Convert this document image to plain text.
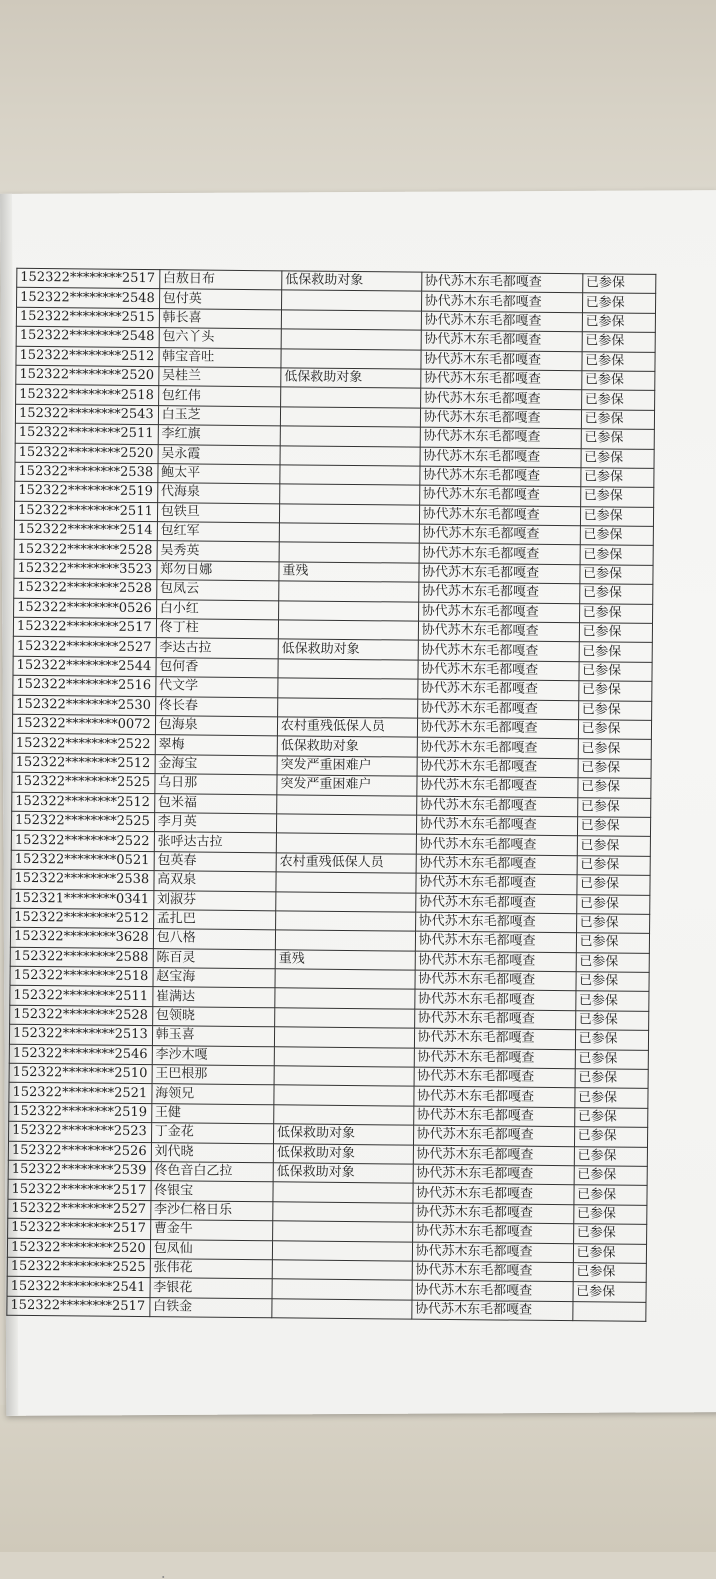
152322********2517	白敖日布	低保救助对象	协代苏木东毛都嘎查	已参保
152322********2548	包付英		协代苏木东毛都嘎查	已参保
152322********2515	韩长喜		协代苏木东毛都嘎查	已参保
152322********2548	包六丫头		协代苏木东毛都嘎查	已参保
152322********2512	韩宝音吐		协代苏木东毛都嘎查	已参保
152322********2520	吴桂兰	低保救助对象	协代苏木东毛都嘎查	已参保
152322********2518	包红伟		协代苏木东毛都嘎查	已参保
152322********2543	白玉芝		协代苏木东毛都嘎查	已参保
152322********2511	李红旗		协代苏木东毛都嘎查	已参保
152322********2520	吴永霞		协代苏木东毛都嘎查	已参保
152322********2538	鲍太平		协代苏木东毛都嘎查	已参保
152322********2519	代海泉		协代苏木东毛都嘎查	已参保
152322********2511	包铁旦		协代苏木东毛都嘎查	已参保
152322********2514	包红军		协代苏木东毛都嘎查	已参保
152322********2528	吴秀英		协代苏木东毛都嘎查	已参保
152322********3523	郑勿日娜	重残	协代苏木东毛都嘎查	已参保
152322********2528	包凤云		协代苏木东毛都嘎查	已参保
152322********0526	白小红		协代苏木东毛都嘎查	已参保
152322********2517	佟丁柱		协代苏木东毛都嘎查	已参保
152322********2527	李达古拉	低保救助对象	协代苏木东毛都嘎查	已参保
152322********2544	包何香		协代苏木东毛都嘎查	已参保
152322********2516	代文学		协代苏木东毛都嘎查	已参保
152322********2530	佟长春		协代苏木东毛都嘎查	已参保
152322********0072	包海泉	农村重残低保人员	协代苏木东毛都嘎查	已参保
152322********2522	翠梅	低保救助对象	协代苏木东毛都嘎查	已参保
152322********2512	金海宝	突发严重困难户	协代苏木东毛都嘎查	已参保
152322********2525	乌日那	突发严重困难户	协代苏木东毛都嘎查	已参保
152322********2512	包米福		协代苏木东毛都嘎查	已参保
152322********2525	李月英		协代苏木东毛都嘎查	已参保
152322********2522	张呼达古拉		协代苏木东毛都嘎查	已参保
152322********0521	包英春	农村重残低保人员	协代苏木东毛都嘎查	已参保
152322********2538	高双泉		协代苏木东毛都嘎查	已参保
152321********0341	刘淑芬		协代苏木东毛都嘎查	已参保
152322********2512	孟扎巴		协代苏木东毛都嘎查	已参保
152322********3628	包八格		协代苏木东毛都嘎查	已参保
152322********2588	陈百灵	重残	协代苏木东毛都嘎查	已参保
152322********2518	赵宝海		协代苏木东毛都嘎查	已参保
152322********2511	崔满达		协代苏木东毛都嘎查	已参保
152322********2528	包领晓		协代苏木东毛都嘎查	已参保
152322********2513	韩玉喜		协代苏木东毛都嘎查	已参保
152322********2546	李沙木嘎		协代苏木东毛都嘎查	已参保
152322********2510	王巴根那		协代苏木东毛都嘎查	已参保
152322********2521	海领兄		协代苏木东毛都嘎查	已参保
152322********2519	王健		协代苏木东毛都嘎查	已参保
152322********2523	丁金花	低保救助对象	协代苏木东毛都嘎查	已参保
152322********2526	刘代晓	低保救助对象	协代苏木东毛都嘎查	已参保
152322********2539	佟色音白乙拉	低保救助对象	协代苏木东毛都嘎查	已参保
152322********2517	佟银宝		协代苏木东毛都嘎查	已参保
152322********2527	李沙仁格日乐		协代苏木东毛都嘎查	已参保
152322********2517	曹金牛		协代苏木东毛都嘎查	已参保
152322********2520	包凤仙		协代苏木东毛都嘎查	已参保
152322********2525	张伟花		协代苏木东毛都嘎查	已参保
152322********2541	李银花		协代苏木东毛都嘎查	已参保
152322********2517	白铁金		协代苏木东毛都嘎查	
